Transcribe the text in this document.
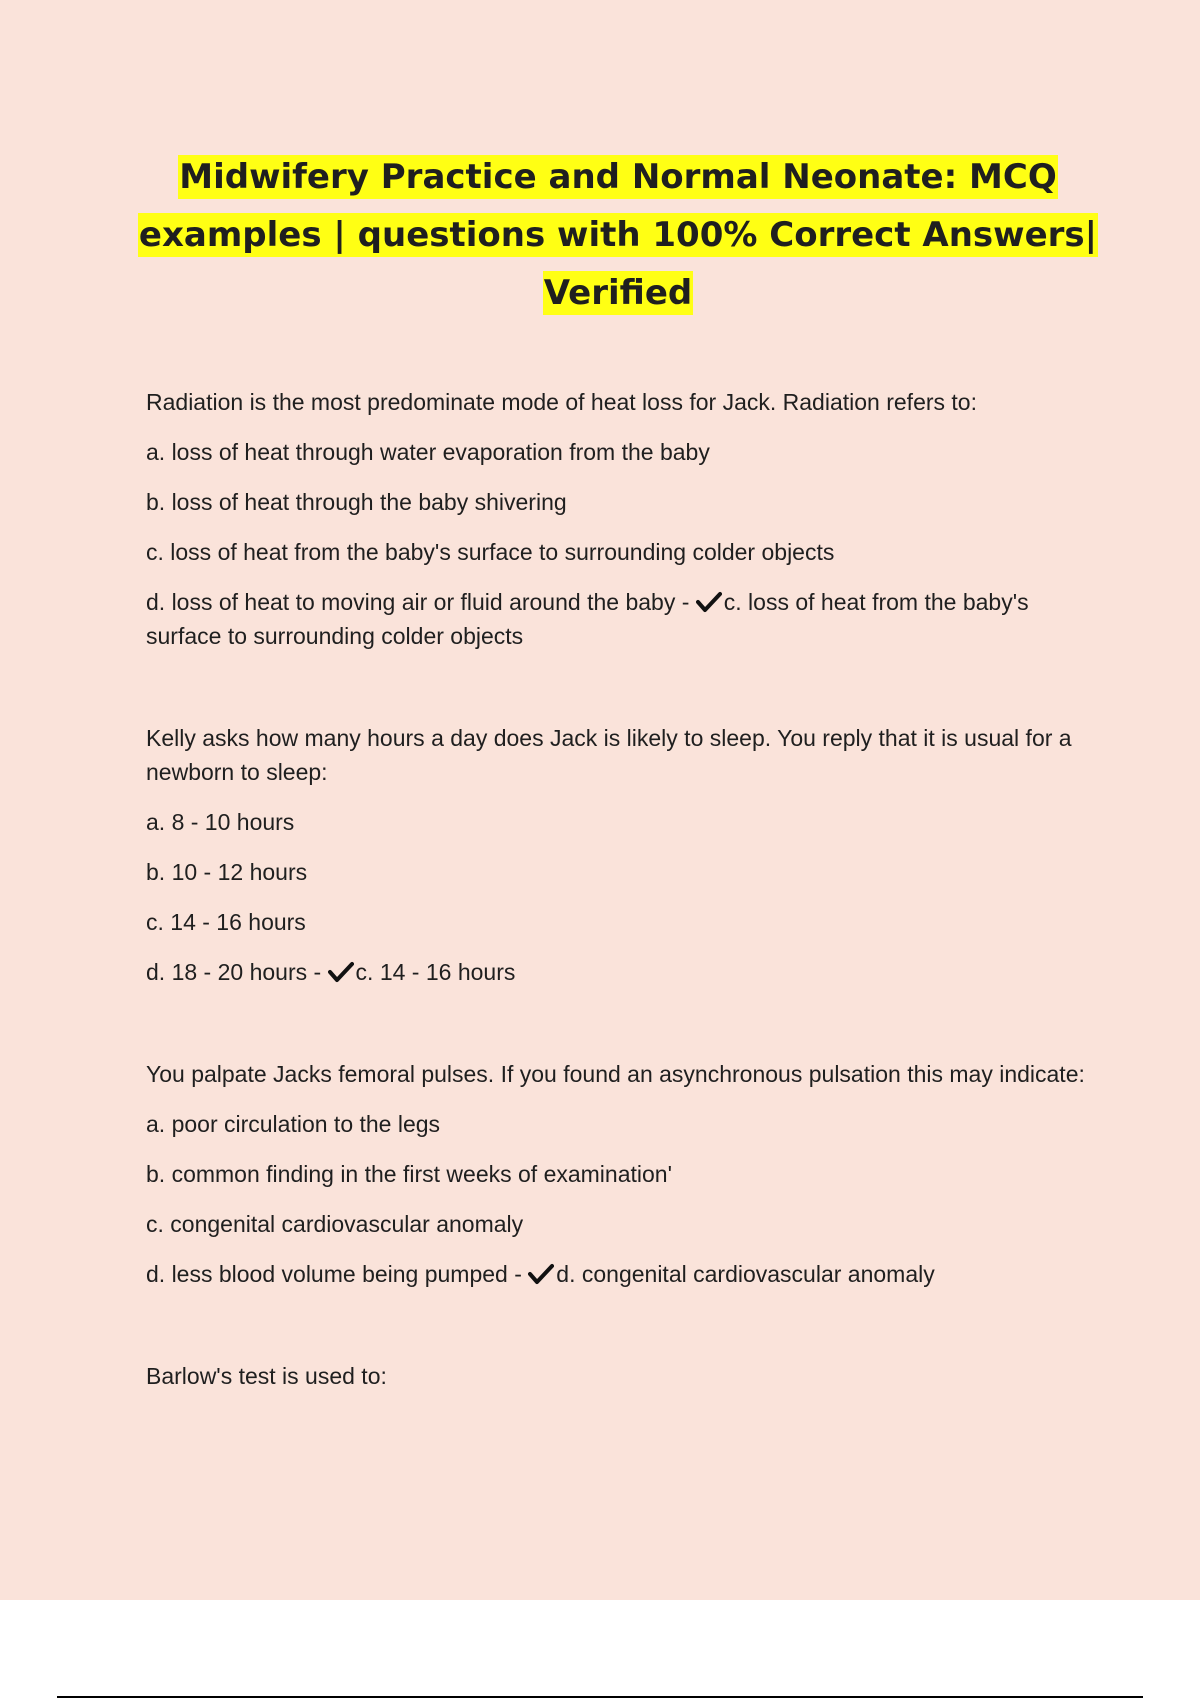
Midwifery Practice and Normal Neonate: MCQ
examples | questions with 100% Correct Answers|
Verified

Radiation is the most predominate mode of heat loss for Jack. Radiation refers to:

a. loss of heat through water evaporation from the baby

b. loss of heat through the baby shivering

c. loss of heat from the baby's surface to surrounding colder objects

d. loss of heat to moving air or fluid around the baby - c. loss of heat from the baby's surface to surrounding colder objects

Kelly asks how many hours a day does Jack is likely to sleep. You reply that it is usual for a newborn to sleep:

a. 8 - 10 hours

b. 10 - 12 hours

c. 14 - 16 hours

d. 18 - 20 hours - c. 14 - 16 hours

You palpate Jacks femoral pulses. If you found an asynchronous pulsation this may indicate:

a. poor circulation to the legs

b. common finding in the first weeks of examination'

c. congenital cardiovascular anomaly

d. less blood volume being pumped - d. congenital cardiovascular anomaly

Barlow's test is used to:
